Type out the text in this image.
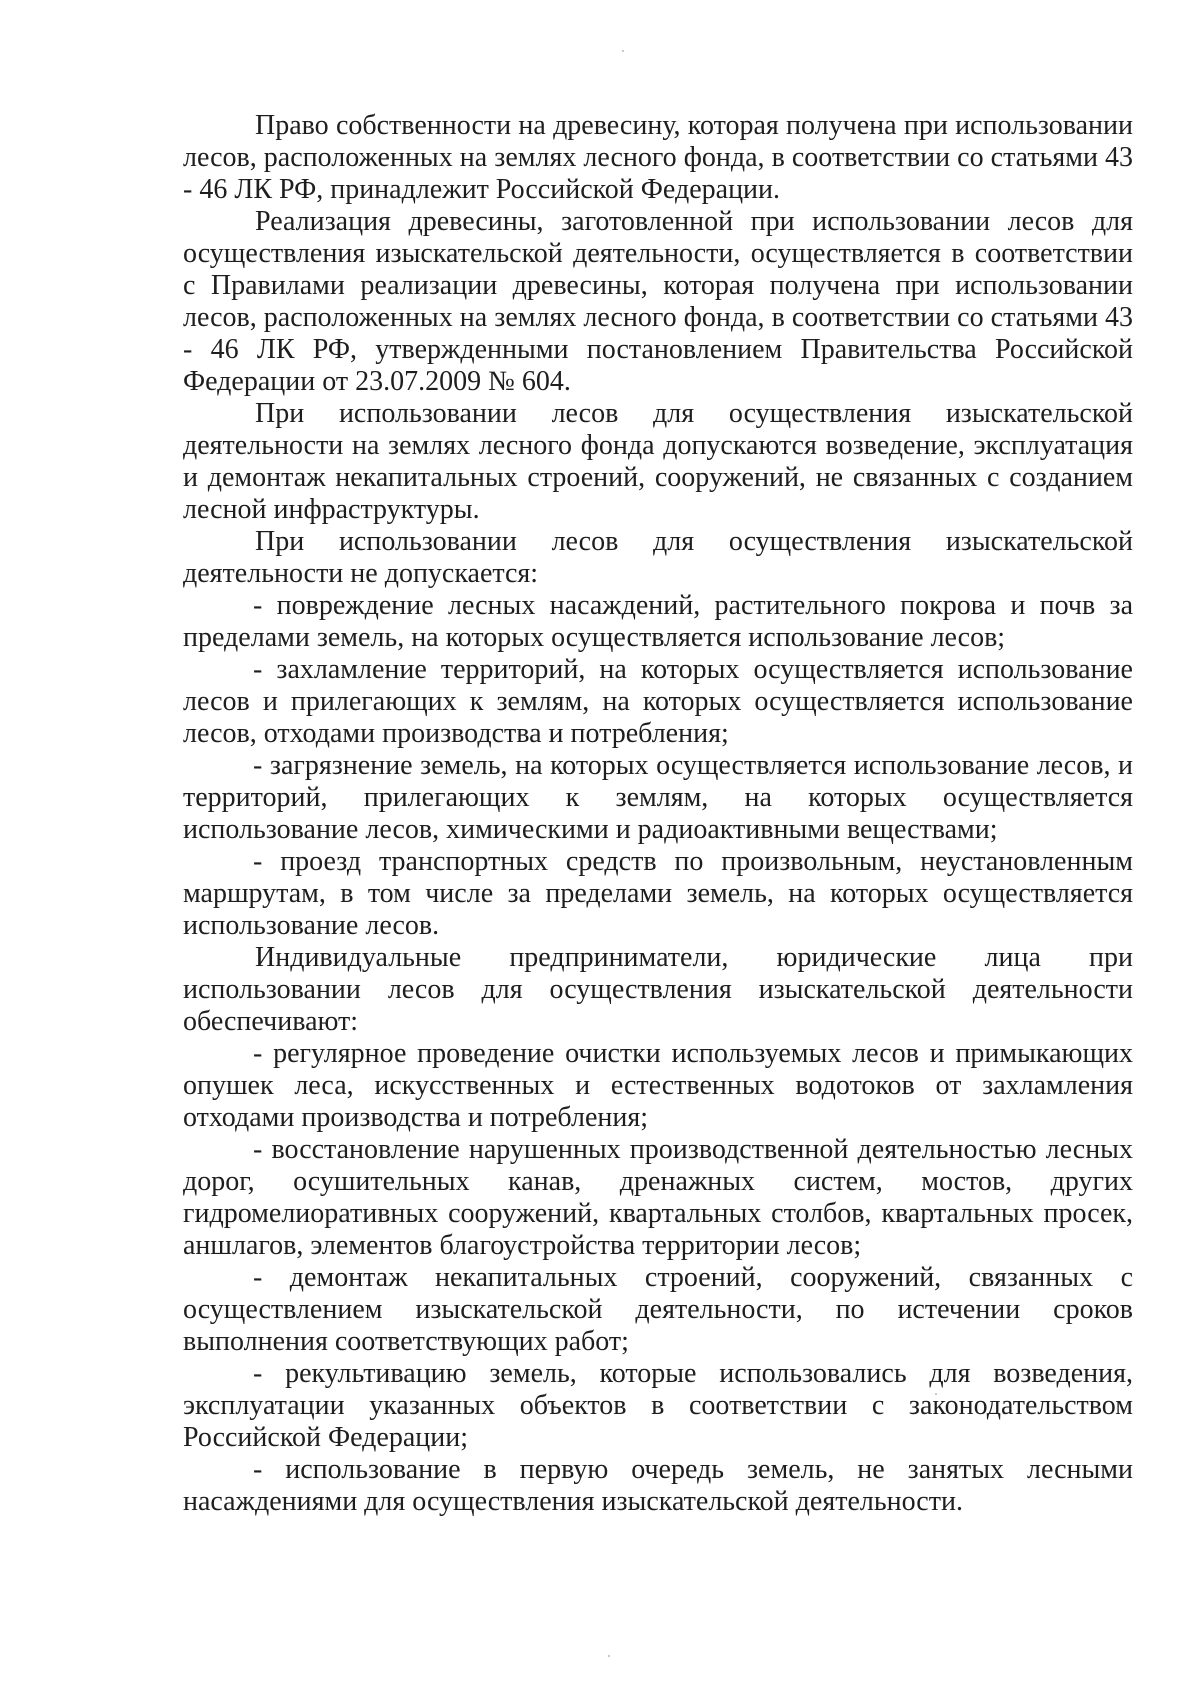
Право собственности на древесину, которая получена при использовании лесов, расположенных на землях лесного фонда, в соответствии со статьями 43 - 46 ЛК РФ, принадлежит Российской Федерации.

Реализация древесины, заготовленной при использовании лесов для осуществления изыскательской деятельности, осуществляется в соответствии с Правилами реализации древесины, которая получена при использовании лесов, расположенных на землях лесного фонда, в соответствии со статьями 43 - 46 ЛК РФ, утвержденными постановлением Правительства Российской Федерации от 23.07.2009 № 604.

При использовании лесов для осуществления изыскательской деятельности на землях лесного фонда допускаются возведение, эксплуатация и демонтаж некапитальных строений, сооружений, не связанных с созданием лесной инфраструктуры.

При использовании лесов для осуществления изыскательской деятельности не допускается:

- повреждение лесных насаждений, растительного покрова и почв за пределами земель, на которых осуществляется использование лесов;

- захламление территорий, на которых осуществляется использование лесов и прилегающих к землям, на которых осуществляется использование лесов, отходами производства и потребления;

- загрязнение земель, на которых осуществляется использование лесов, и территорий, прилегающих к землям, на которых осуществляется использование лесов, химическими и радиоактивными веществами;

- проезд транспортных средств по произвольным, неустановленным маршрутам, в том числе за пределами земель, на которых осуществляется использование лесов.

Индивидуальные предприниматели, юридические лица при использовании лесов для осуществления изыскательской деятельности обеспечивают:

- регулярное проведение очистки используемых лесов и примыкающих опушек леса, искусственных и естественных водотоков от захламления отходами производства и потребления;

- восстановление нарушенных производственной деятельностью лесных дорог, осушительных канав, дренажных систем, мостов, других гидромелиоративных сооружений, квартальных столбов, квартальных просек, аншлагов, элементов благоустройства территории лесов;

- демонтаж некапитальных строений, сооружений, связанных с осуществлением изыскательской деятельности, по истечении сроков выполнения соответствующих работ;

- рекультивацию земель, которые использовались для возведения, эксплуатации указанных объектов в соответствии с законодательством Российской Федерации;

- использование в первую очередь земель, не занятых лесными насаждениями для осуществления изыскательской деятельности.
